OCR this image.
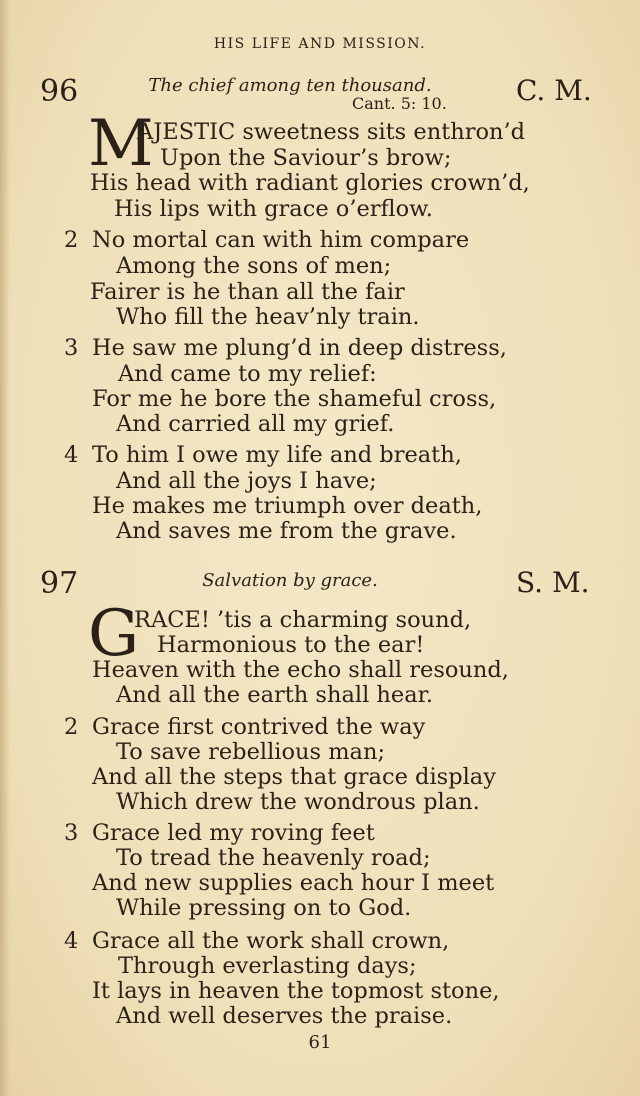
HIS LIFE AND MISSION.
96	The chief among ten thousand.
Cant. 5: 10. C. M.
M
AJESTIC sweetness sits enthron’d
Upon the Saviour’s brow;
His head with radiant glories crown’d,
His lips with grace o’erflow.
2 No mortal can with him compare
Among the sons of men;
Fairer is he than all the fair
Who fill the heav’nly train.
3 He saw me plung’d in deep distress,
And came to my relief:
For me he bore the shameful cross,
And carried all my grief.
4 To him I owe my life and breath,
And all the joys I have;
He makes me triumph over death,
And saves me from the grave.
97	Salvation by grace.	S. M.
G
RACE! ’tis a charming sound,
Harmonious to the ear!
Heaven with the echo shall resound,
And all the earth shall hear.
2 Grace first contrived the way
To save rebellious man;
And all the steps that grace display
Which drew the wondrous plan.
3 Grace led my roving feet
To tread the heavenly road;
And new supplies each hour I meet
While pressing on to God.
4 Grace all the work shall crown,
Through everlasting days;
It lays in heaven the topmost stone,
And well deserves the praise.
61
